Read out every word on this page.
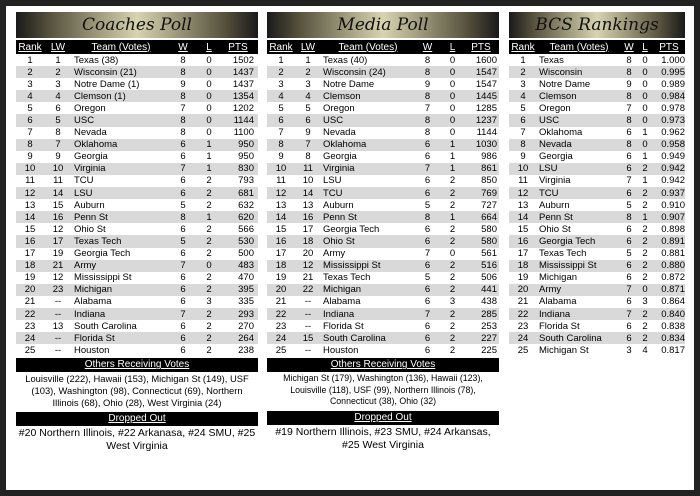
Coaches Poll
Rank LW	Team (Votes)	W	L	PTS
1	1	Texas (38)	8	0	1502
2	2	Wisconsin (21)	8	0	1437
3	3	Notre Dame (1)	9	0	1437
4	4	Clemson (1)	8	0	1354
5	6	Oregon	7	0	1202
6	5	USC	8	0	1144
7	8	Nevada	8	0	1100
8	7	Oklahoma	6	1	950
9	9	Georgia	6	1	950
10	10	Virginia	7	1	830
11	11	TCU	6	2	793
12	14	LSU	6	2	681
13	15	Auburn	5	2	632
14	16	Penn St	8	1	620
15	12	Ohio St	6	2	566
16	17	Texas Tech	5	2	530
17	19	Georgia Tech	6	2	500
18	21	Army	7	0	483
19	12	Mississippi St	6	2	470
20	23	Michigan	6	2	395
21	--	Alabama	6	3	335
22	--	Indiana	7	2	293
23	13	South Carolina	6	2	270
24	--	Florida St	6	2	264
25	--	Houston	6	2	238
Others Receiving Votes
Louisville (222), Hawaii (153), Michigan St (149), USF (103), Washington (98), Connecticut (69), Northern Illinois (68), Ohio (28), West Virginia (24)
Dropped Out
#20 Northern Illinois, #22 Arkanasa, #24 SMU, #25 West Virginia
Media Poll
Rank LW	Team (Votes)	W	L	PTS
1	1	Texas (40)	8	0	1600
2	2	Wisconsin (24)	8	0	1547
3	3	Notre Dame	9	0	1547
4	4	Clemson	8	0	1445
5	5	Oregon	7	0	1285
6	6	USC	8	0	1237
7	9	Nevada	8	0	1144
8	7	Oklahoma	6	1	1030
9	8	Georgia	6	1	986
10	11	Virginia	7	1	861
11	10	LSU	6	2	850
12	14	TCU	6	2	769
13	13	Auburn	5	2	727
14	16	Penn St	8	1	664
15	17	Georgia Tech	6	2	580
16	18	Ohio St	6	2	580
17	20	Army	7	0	561
18	12	Mississippi St	6	2	516
19	21	Texas Tech	5	2	506
20	22	Michigan	6	2	441
21	--	Alabama	6	3	438
22	--	Indiana	7	2	285
23	--	Florida St	6	2	253
24	15	South Carolina	6	2	227
25	--	Houston	6	2	225
Others Receiving Votes
Michigan St (179), Washington (136), Hawaii (123), Louisville (118), USF (99), Northern Illinois (78), Connecticut (38), Ohio (32)
Dropped Out
#19 Northern Illinois, #23 SMU, #24 Arkansas, #25 West Virginia
BCS Rankings
Rank	Team (Votes)	W L	PTS
1	Texas	8	0	1.000
2	Wisconsin	8	0	0.995
3	Notre Dame	9	0	0.989
4	Clemson	8	0	0.984
5	Oregon	7	0	0.978
6	USC	8	0	0.973
7	Oklahoma	6	1	0.962
8	Nevada	8	0	0.958
9	Georgia	6	1	0.949
10	LSU	6	2	0.942
11	Virginia	7	1	0.942
12	TCU	6	2	0.937
13	Auburn	5	2	0.910
14	Penn St	8	1	0.907
15	Ohio St	6	2	0.898
16	Georgia Tech	6	2	0.891
17	Texas Tech	5	2	0.881
18	Mississippi St	6	2	0.880
19	Michigan	6	2	0.872
20	Army	7	0	0.871
21	Alabama	6	3	0.864
22	Indiana	7	2	0.840
23	Florida St	6	2	0.838
24	South Carolina	6	2	0.834
25	Michigan St	3	4	0.817
